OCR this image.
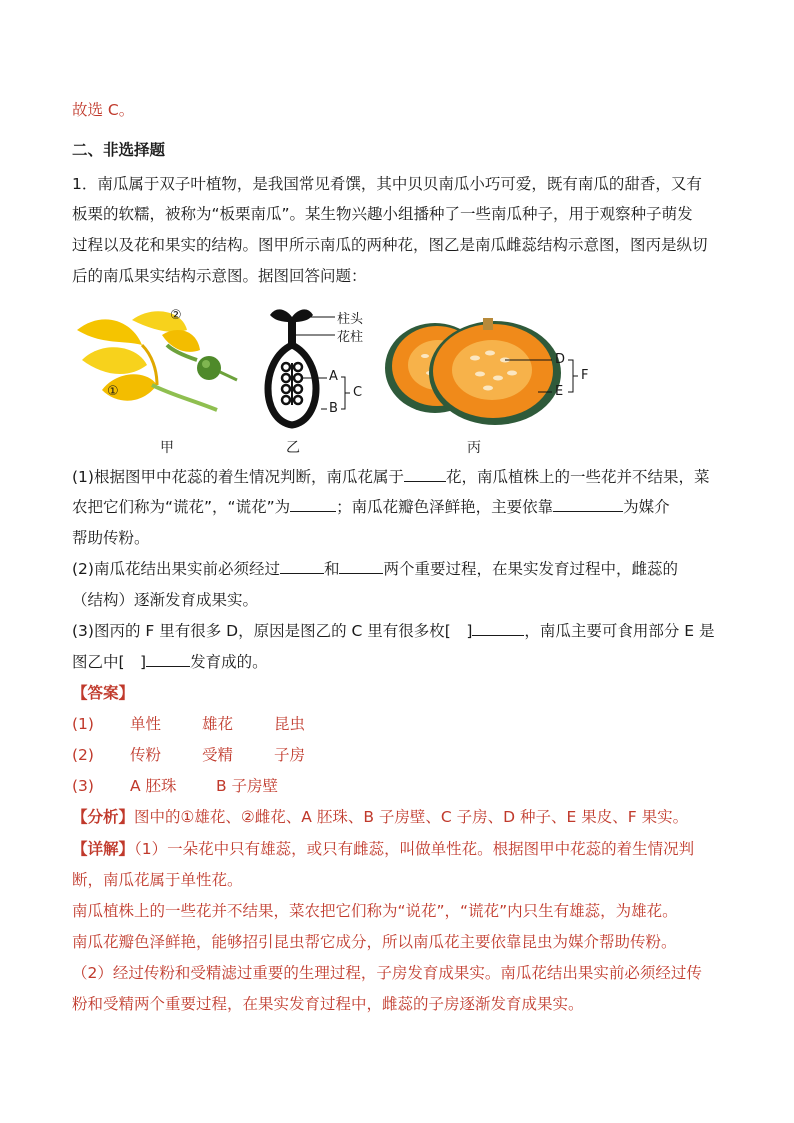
故选 C。
二、非选择题
1．南瓜属于双子叶植物，是我国常见肴馔，其中贝贝南瓜小巧可爱，既有南瓜的甜香，又有
板栗的软糯，被称为“板栗南瓜”。某生物兴趣小组播种了一些南瓜种子，用于观察种子萌发
过程以及花和果实的结构。图甲所示南瓜的两种花，图乙是南瓜雌蕊结构示意图，图丙是纵切
后的南瓜果实结构示意图。据图回答问题：
②
①
甲
柱头
花柱
A
B
C
乙
D
E
F
丙
(1)根据图甲中花蕊的着生情况判断，南瓜花属于	花，南瓜植株上的一些花并不结果，菜
农把它们称为“谎花”，“谎花”为	；南瓜花瓣色泽鲜艳，主要依靠	为媒介
帮助传粉。
(2)南瓜花结出果实前必须经过	和	两个重要过程，在果实发育过程中，雌蕊的
（结构）逐渐发育成果实。
(3)图丙的 F 里有很多 D，原因是图乙的 C 里有很多枚[　]	，南瓜主要可食用部分 E 是
图乙中[　]	发育成的。
【答案】
(1) 单性	雄花	昆虫
(2) 传粉	受精	子房
(3) A 胚珠	B 子房壁
【分析】图中的①雄花、②雌花、A 胚珠、B 子房壁、C 子房、D 种子、E 果皮、F 果实。
【详解】（1）一朵花中只有雄蕊，或只有雌蕊，叫做单性花。根据图甲中花蕊的着生情况判
断，南瓜花属于单性花。
南瓜植株上的一些花并不结果，菜农把它们称为“说花”，“谎花”内只生有雄蕊，为雄花。
南瓜花瓣色泽鲜艳，能够招引昆虫帮它成分，所以南瓜花主要依靠昆虫为媒介帮助传粉。
（2）经过传粉和受精滤过重要的生理过程，子房发育成果实。南瓜花结出果实前必须经过传
粉和受精两个重要过程，在果实发育过程中，雌蕊的子房逐渐发育成果实。
